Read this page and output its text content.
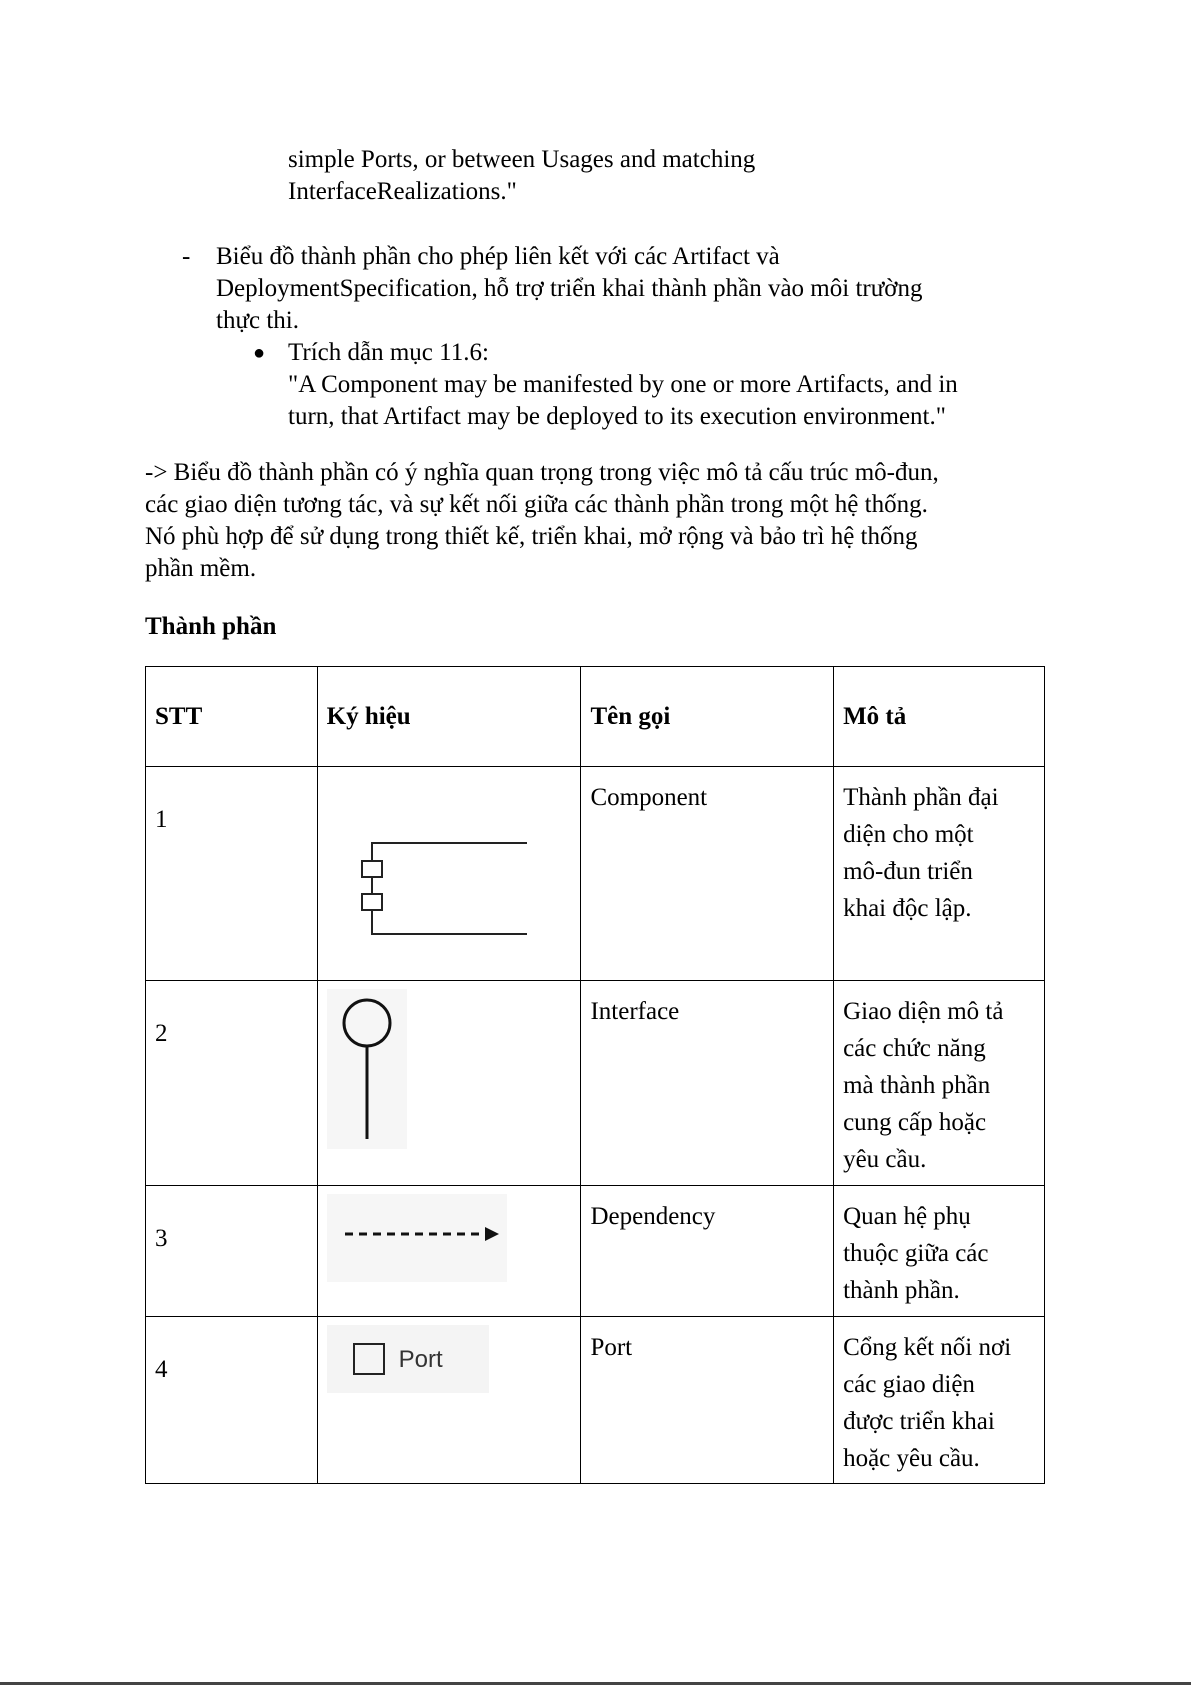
simple Ports, or between Usages and matching
InterfaceRealizations."
- Biểu đồ thành phần cho phép liên kết với các Artifact và
DeploymentSpecification, hỗ trợ triển khai thành phần vào môi trường
thực thi.
● Trích dẫn mục 11.6:
"A Component may be manifested by one or more Artifacts, and in
turn, that Artifact may be deployed to its execution environment."
-> Biểu đồ thành phần có ý nghĩa quan trọng trong việc mô tả cấu trúc mô-đun,
các giao diện tương tác, và sự kết nối giữa các thành phần trong một hệ thống.
Nó phù hợp để sử dụng trong thiết kế, triển khai, mở rộng và bảo trì hệ thống
phần mềm.
Thành phần
STT	Ký hiệu	Tên gọi	Mô tả

1		Component	Thành phần đại
diện cho một
mô-đun triển
khai độc lập.

2		Interface	Giao diện mô tả
các chức năng
mà thành phần
cung cấp hoặc
yêu cầu.

3		Dependency	Quan hệ phụ
thuộc giữa các
thành phần.

4	Port	Port	Cổng kết nối nơi
các giao diện
được triển khai
hoặc yêu cầu.
